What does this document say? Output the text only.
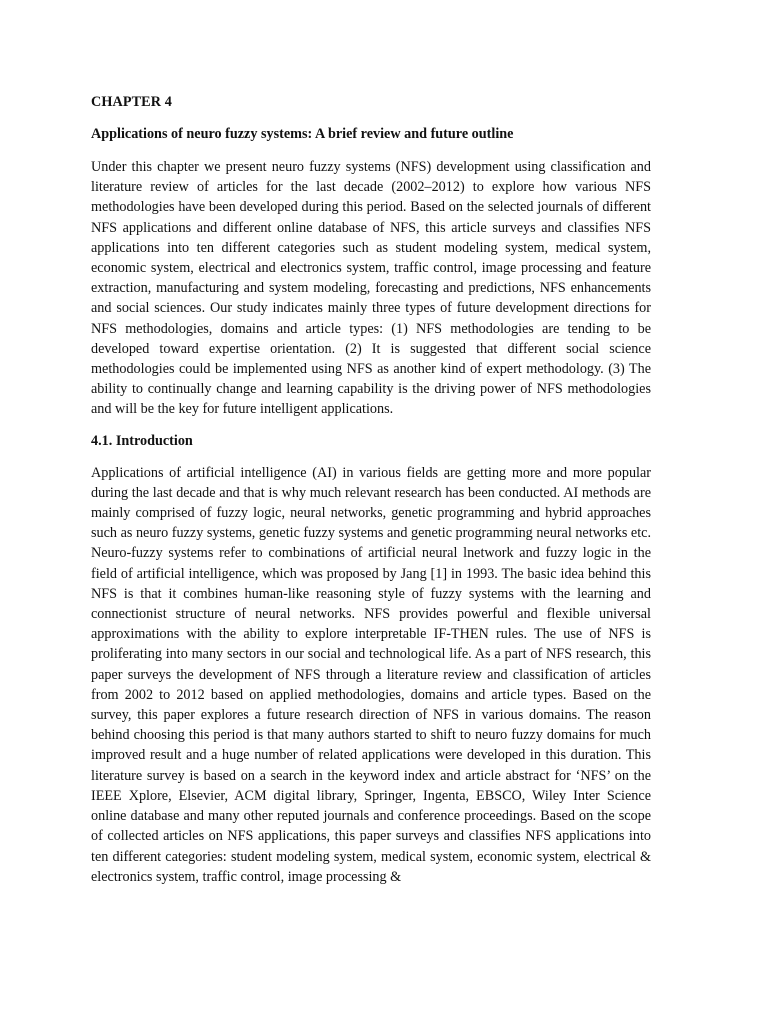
CHAPTER 4
Applications of neuro fuzzy systems: A brief review and future outline

Under this chapter we present neuro fuzzy systems (NFS) development using classification and literature review of articles for the last decade (2002–2012) to explore how various NFS methodologies have been developed during this period. Based on the selected journals of different NFS applications and different online database of NFS, this article surveys and classifies NFS applications into ten different categories such as student modeling system, medical system, economic system, electrical and electronics system, traffic control, image processing and feature extraction, manufacturing and system modeling, forecasting and predictions, NFS enhancements and social sciences. Our study indicates mainly three types of future development directions for NFS methodologies, domains and article types: (1) NFS methodologies are tending to be developed toward expertise orientation. (2) It is suggested that different social science methodologies could be implemented using NFS as another kind of expert methodology. (3) The ability to continually change and learning capability is the driving power of NFS methodologies and will be the key for future intelligent applications.

4.1. Introduction

Applications of artificial intelligence (AI) in various fields are getting more and more popular during the last decade and that is why much relevant research has been conducted. AI methods are mainly comprised of fuzzy logic, neural networks, genetic programming and hybrid approaches such as neuro fuzzy systems, genetic fuzzy systems and genetic programming neural networks etc. Neuro-fuzzy systems refer to combinations of artificial neural lnetwork and fuzzy logic in the field of artificial intelligence, which was proposed by Jang [1] in 1993. The basic idea behind this NFS is that it combines human-like reasoning style of fuzzy systems with the learning and connectionist structure of neural networks. NFS provides powerful and flexible universal approximations with the ability to explore interpretable IF-THEN rules. The use of NFS is proliferating into many sectors in our social and technological life. As a part of NFS research, this paper surveys the development of NFS through a literature review and classification of articles from 2002 to 2012 based on applied methodologies, domains and article types. Based on the survey, this paper explores a future research direction of NFS in various domains. The reason behind choosing this period is that many authors started to shift to neuro fuzzy domains for much improved result and a huge number of related applications were developed in this duration. This literature survey is based on a search in the keyword index and article abstract for ‘NFS’ on the IEEE Xplore, Elsevier, ACM digital library, Springer, Ingenta, EBSCO, Wiley Inter Science online database and many other reputed journals and conference proceedings. Based on the scope of collected articles on NFS applications, this paper surveys and classifies NFS applications into ten different categories: student modeling system, medical system, economic system, electrical & electronics system, traffic control, image processing &
